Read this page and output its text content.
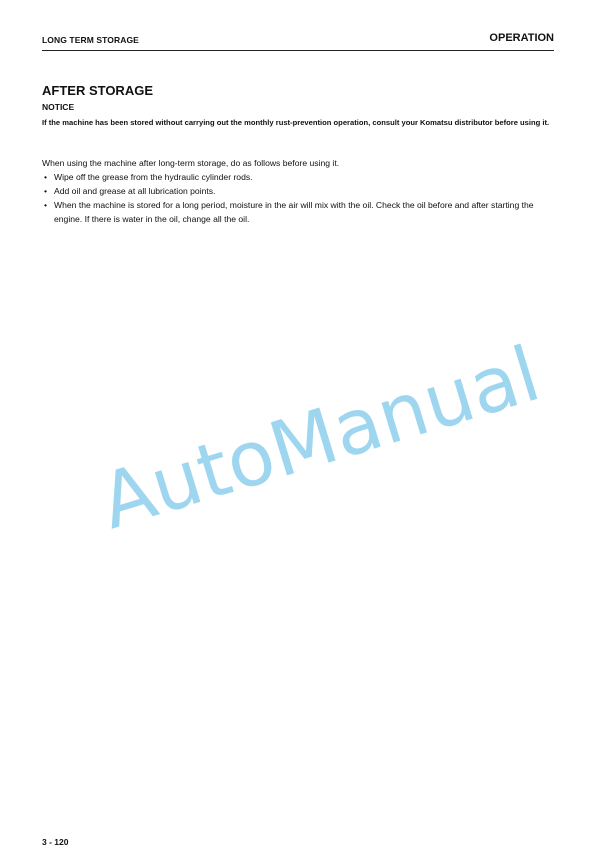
LONG TERM STORAGE	OPERATION
AFTER STORAGE
NOTICE
If the machine has been stored without carrying out the monthly rust-prevention operation, consult your Komatsu distributor before using it.
When using the machine after long-term storage, do as follows before using it.
• Wipe off the grease from the hydraulic cylinder rods.
• Add oil and grease at all lubrication points.
• When the machine is stored for a long period, moisture in the air will mix with the oil. Check the oil before and after starting the engine. If there is water in the oil, change all the oil.
AutoManual
3 - 120
